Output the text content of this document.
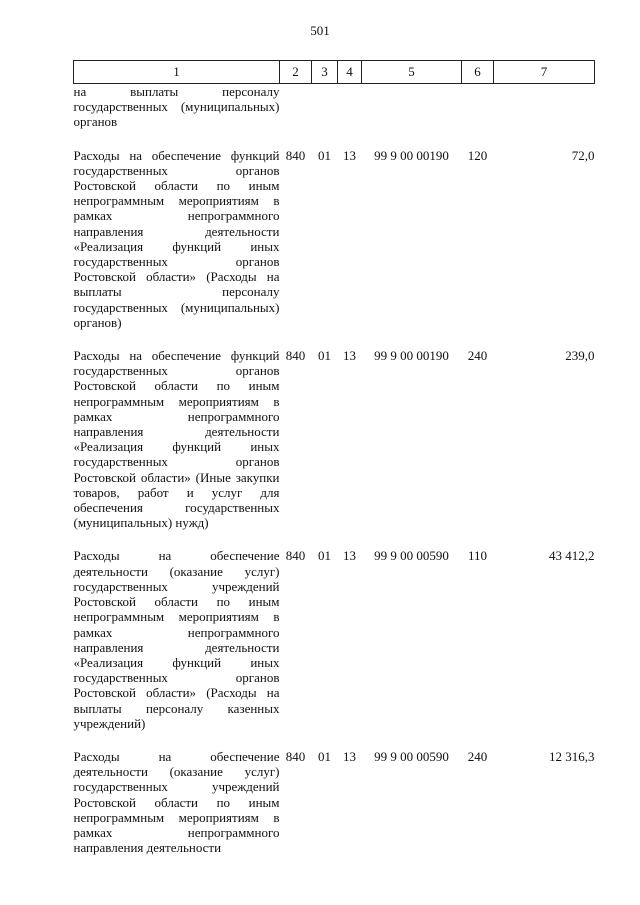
501
1	2	3	4	5	6	7
на выплаты персоналу государственных (муниципальных) органов						

Расходы на обеспечение функций государственных органов Ростовской области по иным непрограммным мероприятиям в рамках непрограммного направления деятельности «Реализация функций иных государственных органов Ростовской области» (Расходы на выплаты персоналу государственных (муниципальных) органов)	840	01	13	99 9 00 00190	120	72,0

Расходы на обеспечение функций государственных органов Ростовской области по иным непрограммным мероприятиям в рамках непрограммного направления деятельности «Реализация функций иных государственных органов Ростовской области» (Иные закупки товаров, работ и услуг для обеспечения государственных (муниципальных) нужд)	840	01	13	99 9 00 00190	240	239,0

Расходы на обеспечение деятельности (оказание услуг) государственных учреждений Ростовской области по иным непрограммным мероприятиям в рамках непрограммного направления деятельности «Реализация функций иных государственных органов Ростовской области» (Расходы на выплаты персоналу казенных учреждений)	840	01	13	99 9 00 00590	110	43 412,2

Расходы на обеспечение деятельности (оказание услуг) государственных учреждений Ростовской области по иным непрограммным мероприятиям в рамках непрограммного направления деятельности	840	01	13	99 9 00 00590	240	12 316,3
